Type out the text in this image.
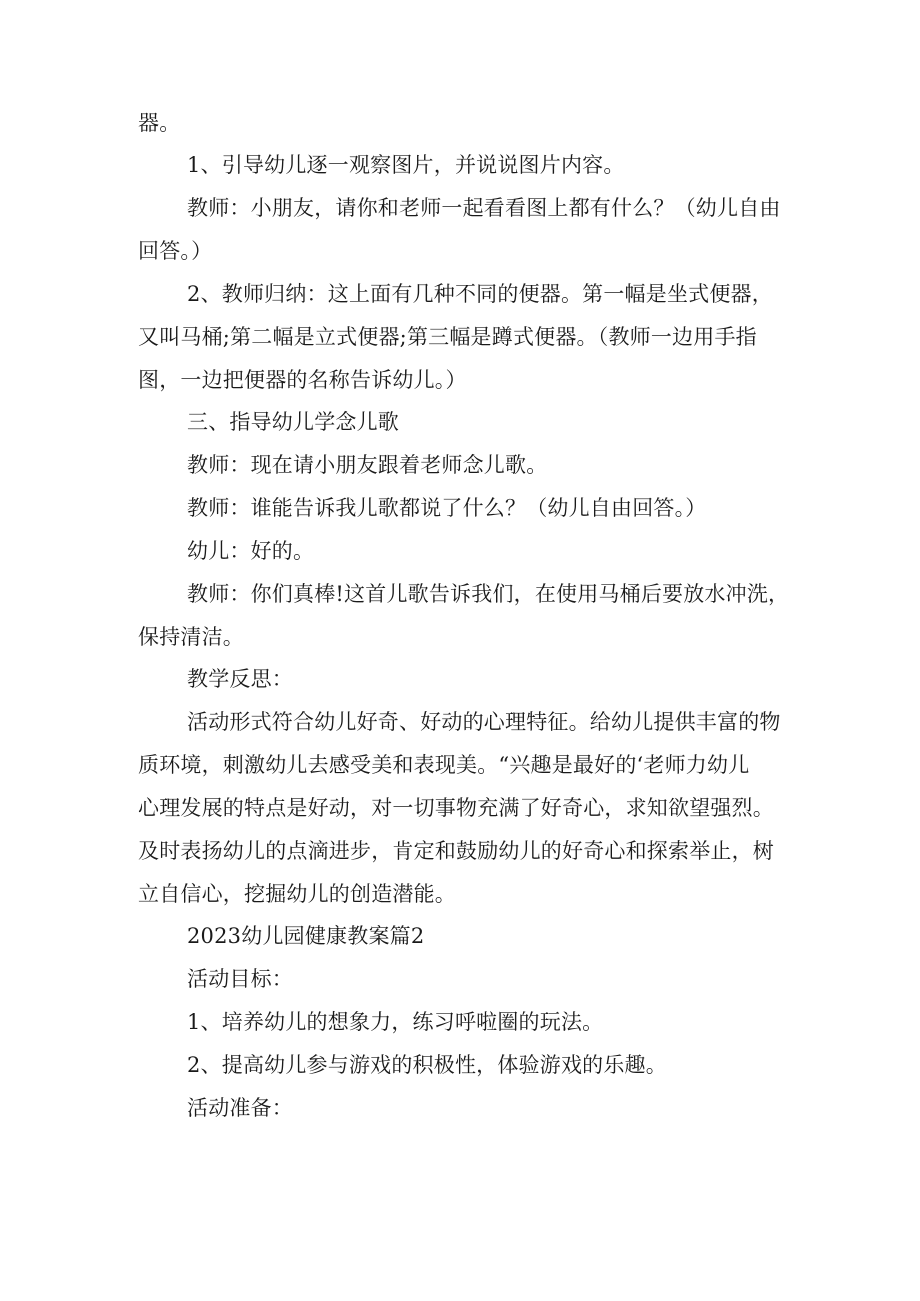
器。
1、引导幼儿逐一观察图片，并说说图片内容。
教师：小朋友，请你和老师一起看看图上都有什么？（幼儿自由
回答。）
2、教师归纳：这上面有几种不同的便器。第一幅是坐式便器，
又叫马桶;第二幅是立式便器;第三幅是蹲式便器。（教师一边用手指
图，一边把便器的名称告诉幼儿。）
三、指导幼儿学念儿歌
教师：现在请小朋友跟着老师念儿歌。
教师：谁能告诉我儿歌都说了什么？（幼儿自由回答。）
幼儿：好的。
教师：你们真棒!这首儿歌告诉我们，在使用马桶后要放水冲洗，
保持清洁。
教学反思：
活动形式符合幼儿好奇、好动的心理特征。给幼儿提供丰富的物
质环境，刺激幼儿去感受美和表现美。“兴趣是最好的‘老师力幼儿
心理发展的特点是好动，对一切事物充满了好奇心，求知欲望强烈。
及时表扬幼儿的点滴进步，肯定和鼓励幼儿的好奇心和探索举止，树
立自信心，挖掘幼儿的创造潜能。
2023幼儿园健康教案篇2
活动目标：
1、培养幼儿的想象力，练习呼啦圈的玩法。
2、提高幼儿参与游戏的积极性，体验游戏的乐趣。
活动准备：
